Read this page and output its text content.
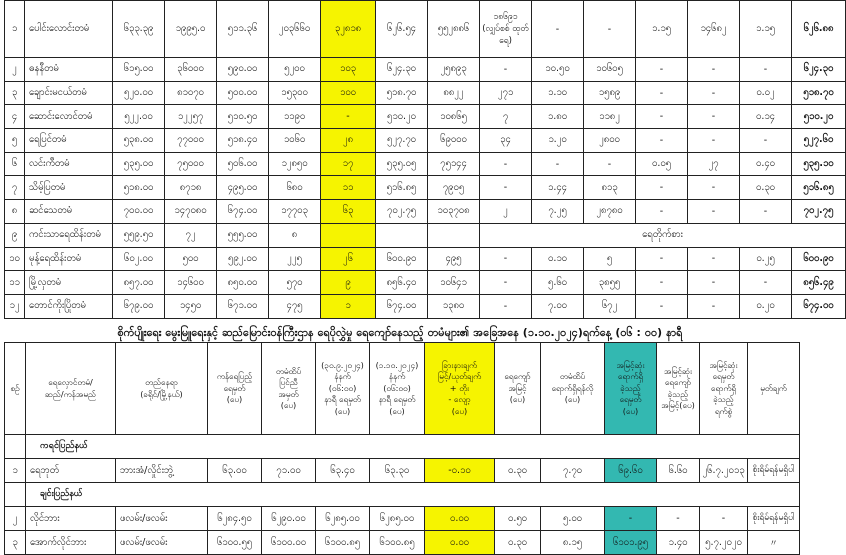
၁	ပေါင်းလောင်းတမံ	၆၃၃.၃၉	၁၉၉၅.၀	၅၁၁.၃၆	၂၀၃၆၆၀	၃၂၈၁၈	၆၂၆.၅၄	၅၅၂၈၈၆	၁၈၆၉၁ (လျှပ်စစ် ထုတ်ရေ)	-	-	၁.၁၅	၁၄၆၈၂	၁.၁၅	၆၂၆.၈၈
၂	ဓနနီတမံ	၆၁၅.၀၀	၃၆၀၀၀	၅၉၀.၀၀	၅၂၀၀	၁၀၃	၆၂၄.၃၀	၂၅၈၉၃	-	၁၀.၅၀	၁၀၆၀၅	-	-	-	၆၂၄.၃၀
၃	ချောင်းမငယ်တမံ	၅၂၀.၀၀	၈၁၀၇၀	၅၀၀.၀၀	၁၅၃၀၀	၁၀၀	၅၁၈.၇၀	၈၈၂၂	၂၇၁	၁.၁၀	၁၅၈၉	-	-	၀.၀၂	၅၁၈.၇၀
၄	ဆောင်းလောင်တမံ	၅၂၂.၀၀	၁၂၂၅၇	၅၁၀.၅၀	၁၁၉၀	-	၅၁၀.၂၀	၁၀၈၆၅	၇	၁.၈၀	၁၁၈၂	-	-	၀.၁၄	၅၁၀.၂၀
၅	ရေပြင်တမံ	၅၃၈.၀၀	၇၇၀၀၀	၅၁၈.၄၀	၁၀၆၀	၂၈	၅၂၇.၇၀	၆၉၀၀၀	၃၄	၁.၂၀	၂၈၀၀	-	-	-	၅၂၇.၆၀
၆	လင်းကီတမံ	၅၃၅.၀၀	၇၅၀၀၀	၅၀၆.၀၀	၁၂၈၅၀	၁၇	၅၃၅.၀၅	၇၅၁၄၄	-	-	-	၀.၀၅	၂၇	၀.၄၀	၅၃၅.၁၀
၇	သိမ့်ပြတမံ	၅၁၈.၀၀	၈၇၁၈	၄၉၅.၀၀	၆၈၀	၁၁	၅၁၆.၈၅	၇၉၀၅	-	၁.၄၄	၈၁၃	-	-	၀.၃၀	၅၁၆.၈၅
၈	ဆင်သေတမံ	၇၀၀.၀၀	၁၄၇၀၈၀	၆၇၄.၀၀	၁၇၇၀၃	၆၃	၇၀၂.၇၅	၁၀၃၇၀၈	၂	၇.၂၅	၂၈၇၈၀	-	-	-	၇၀၂.၇၅
၉	ကင်းသာရေထိန်းတမံ	၅၅၉.၅၀	၇၂	၅၅၅.၀၀	၈				ရေတိုက်စား						
၁၀	မုန့်ရေထိန်းတမံ	၆၀၂.၀၀	၅၀၀	၅၉၂.၀၀	၂၂၅	၂၆	၆၀၀.၉၀	၄၉၅	-	၀.၁၀	၅	-	-	၀.၂၅	၆၀၀.၉၀
၁၁	မြို့လှတမံ	၈၅၇.၀၀	၁၄၆၀၀	၈၅၀.၀၀	၅၇၀	၉	၈၅၆.၄၀	၁၀၆၄၁	-	၅.၆၀	၃၈၅၅	-	-	-	၈၅၆.၄၉
၁၂	တောင်ကိုးပြိုတမံ	၆၇၉.၀၀	၁၄၅၀	၆၇၁.၀၀	၄၇၅	၁	၆၇၄.၀၀	၁၃၈၀	-	၇.၀၀	၆၇၂	-	-	၀.၂၀	၆၇၄.၀၀
စိုက်ပျိုးရေး မွေးမြူရေးနှင့် ဆည်မြောင်းဝန်ကြီးဌာန ရေပိုလွှဲမှု ရေကျော်နေသည့် တမံများ၏ အခြေအနေ (၁.၁၀.၂၀၂၄)ရက်နေ့ (၀၆ : ၀၀) နာရီ
စဉ်	ရေလှောင်တမံ/
ဆည်/ကန်အမည်	တည်နေရာ
(ခရိုင်/မြို့နယ်)	ကန်ရေပြည့်
ရေမှတ်
(ပေ)	တမံထိပ်
ပြင်ညီ
အမှတ်
(ပေ)	(၃၀.၉.၂၀၂၄)
နံနက်
(၀၆:၀၀)
နာရီ ရေမှတ်
(ပေ)	(၁.၁၀.၂၀၂၄)
နံနက်
(၀၆:၀၀)
နာရီ ရေမှတ်
(ပေ)	ခြားနားချက်
မြင့်/ယုတ်ချက်
+ တိုး
- လျော့
(ပေ)	ရေကျော်
အမြင့်
(ပေ)	တမံထိပ်
ရောက်ရှိရန်လို
(ပေ)	အမြင့်ဆုံး
ရောက်ရှိ
ခဲ့သည့်
ရေမှတ်
(ပေ)	အမြင့်ဆုံး
ရေကျော်
ခဲ့သည့်
အမြင့်(ပေ)	အမြင့်ဆုံး
ရေမှတ်
ရောက်ရှိ
ခဲ့သည့်
ရက်စွဲ	မှတ်ချက်
	ကရင်ပြည်နယ်												
၁	ရေဘုတ်	ဘားအံ/လှိုင်းဘွဲ့	၆၃.၀၀	၇၁.၀၀	၆၃.၄၀	၆၃.၃၀	-၀.၁၀	၀.၃၀	၇.၇၀	၆၉.၆၀	၆.၆၀	၂၆.၇.၂၀၁၃	စိုးရိမ်ရန်မရှိပါ
	ချင်းပြည်နယ်												
၂	လိုင်ဘား	ဖလမ်း/ဖလမ်း	၆၂၈၄.၅၀	၆၂၉၀.၀၀	၆၂၈၅.၀၀	၆၂၈၅.၀၀	၀.၀၀	၀.၅၀	၅.၀၀	-	-	-	စိုးရိမ်ရန်မရှိပါ
၃	အောက်လိုင်ဘား	ဖလမ်း/ဖလမ်း	၆၁၀၀.၅၅	၆၁၀၀.၀၀	၆၁၀၀.၈၅	၆၁၀၀.၈၅	၀.၀၀	၀.၃၀	၈.၁၅	၆၁၀၁.၉၅	၁.၄၀	၅.၇.၂၀၂၀	〃
